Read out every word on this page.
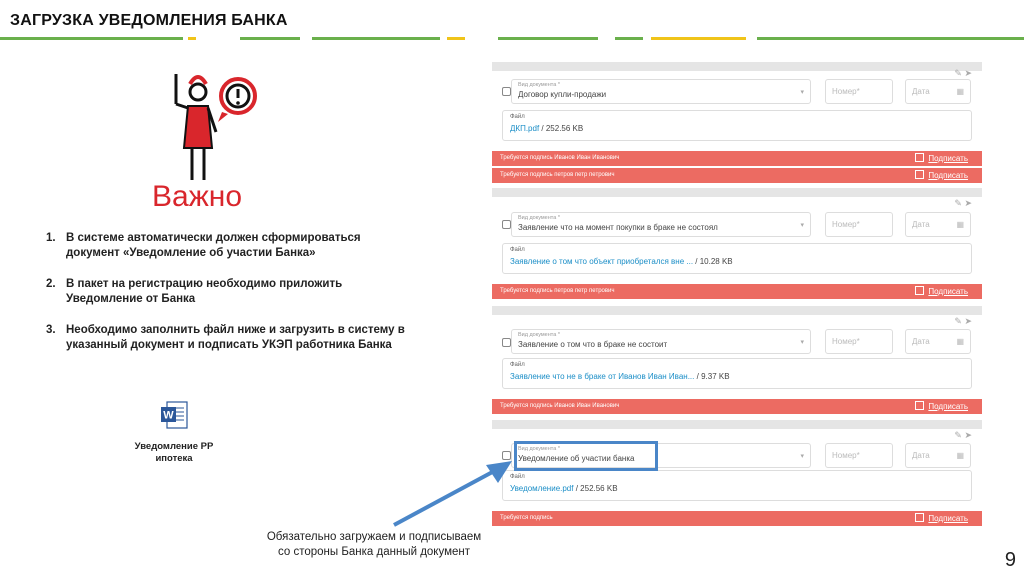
ЗАГРУЗКА УВЕДОМЛЕНИЯ БАНКА
Важно
1. В системе автоматически должен сформироваться документ «Уведомление об участии Банка»
2. В пакет на регистрацию необходимо приложить Уведомление от Банка
3. Необходимо заполнить файл ниже и загрузить в систему в указанный документ и подписать УКЭП работника Банка
W
Уведомление РР ипотека
✎ ➤
Вид документа *
Договор купли-продажи	▾	Номер*	Дата	▦
Файл
ДКП.pdf / 252.56 KB
Требуется подпись Иванов Иван Иванович	Подписать
Требуется подпись петров петр петрович	Подписать
✎ ➤
Вид документа *
Заявление что на момент покупки в браке не состоял	▾	Номер*	Дата	▦
Файл
Заявление о том что объект приобретался вне ... / 10.28 KB
Требуется подпись петров петр петрович	Подписать
✎ ➤
Вид документа *
Заявление о том что в браке не состоит	▾	Номер*	Дата	▦
Файл
Заявление что не в браке от Иванов Иван Иван... / 9.37 KB
Требуется подпись Иванов Иван Иванович	Подписать
✎ ➤
Вид документа *
Уведомление об участии банка	▾	Номер*	Дата	▦
Файл
Уведомление.pdf / 252.56 KB
Требуется подпись	Подписать
Обязательно загружаем и подписываем
со стороны Банка данный документ	9
